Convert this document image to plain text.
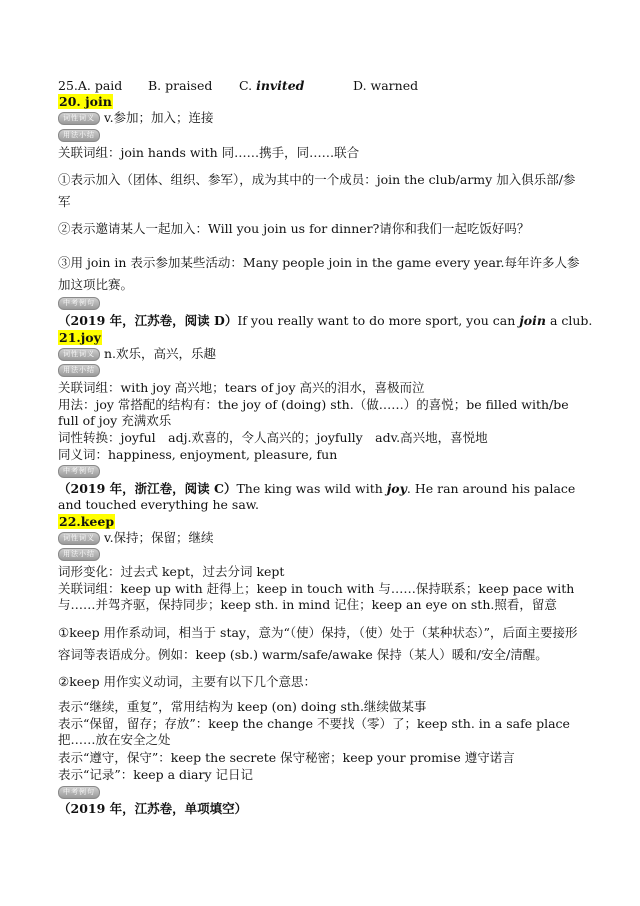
25.A. paid B. praised C. invited	D. warned
20. join
词性词义 v.参加；加入；连接
用法小结
关联词组：join hands with 同……携手，同……联合
①表示加入（团体、组织、参军），成为其中的一个成员：join the club/army 加入俱乐部/参军
②表示邀请某人一起加入：Will you join us for dinner?请你和我们一起吃饭好吗？
③用 join in 表示参加某些活动：Many people join in the game every year.每年许多人参加这项比赛。
中考例句
（2019 年，江苏卷，阅读 D）If you really want to do more sport, you can join a club.
21.joy
词性词义 n.欢乐，高兴，乐趣
用法小结
关联词组：with joy 高兴地；tears of joy 高兴的泪水，喜极而泣
用法：joy 常搭配的结构有：the joy of (doing) sth.（做……）的喜悦；be filled with/be full of joy 充满欢乐
词性转换：joyful　adj.欢喜的，令人高兴的；joyfully　adv.高兴地，喜悦地
同义词：happiness, enjoyment, pleasure, fun
中考例句
（2019 年，浙江卷，阅读 C）The king was wild with joy. He ran around his palace and touched everything he saw.
22.keep
词性词义 v.保持；保留；继续
用法小结
词形变化：过去式 kept，过去分词 kept
关联词组：keep up with 赶得上；keep in touch with 与……保持联系；keep pace with 与……并驾齐驱，保持同步；keep sth. in mind 记住；keep an eye on sth.照看，留意
①keep 用作系动词，相当于 stay，意为“（使）保持，（使）处于（某种状态）”，后面主要接形容词等表语成分。例如：keep (sb.) warm/safe/awake 保持（某人）暖和/安全/清醒。
②keep 用作实义动词，主要有以下几个意思：
表示“继续，重复”，常用结构为 keep (on) doing sth.继续做某事
表示“保留，留存；存放”：keep the change 不要找（零）了；keep sth. in a safe place 把……放在安全之处
表示“遵守，保守”：keep the secrete 保守秘密；keep your promise 遵守诺言
表示“记录”：keep a diary 记日记
中考例句
（2019 年，江苏卷，单项填空）
